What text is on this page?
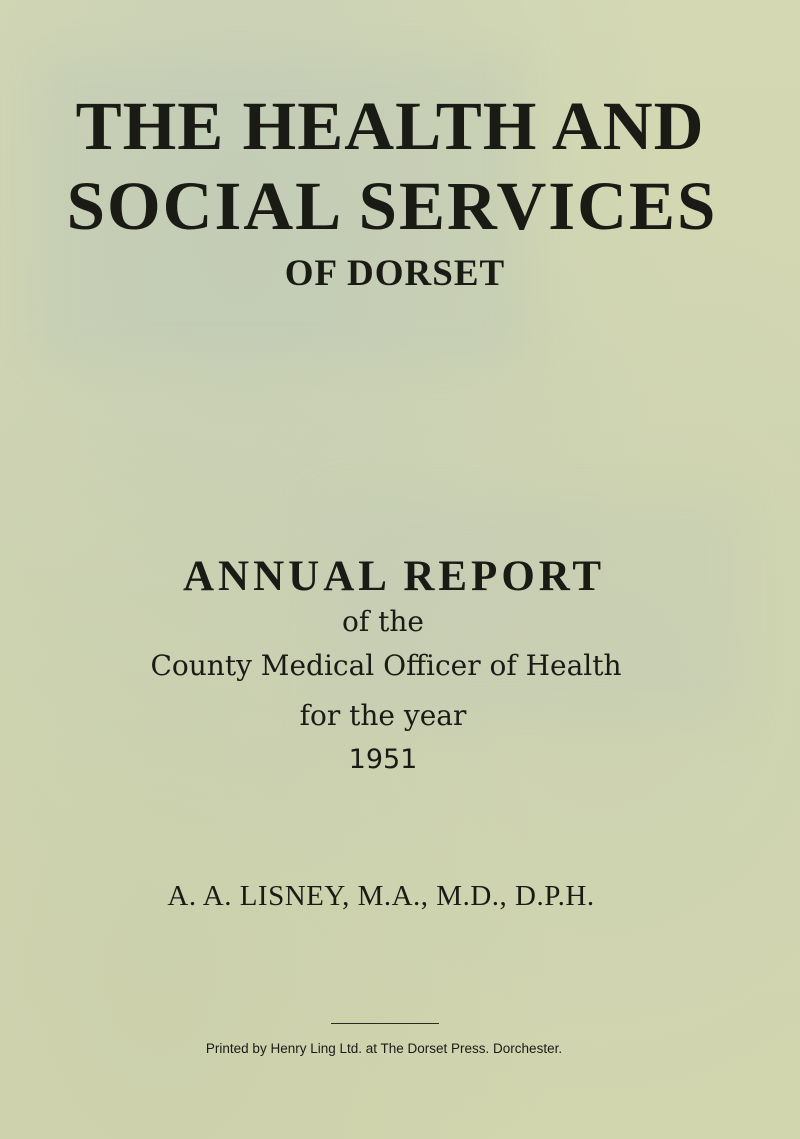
THE HEALTH AND
SOCIAL SERVICES
OF DORSET
ANNUAL REPORT

of the

County Medical Officer of Health

for the year

1951

A. A. LISNEY, M.A., M.D., D.P.H.

Printed by Henry Ling Ltd. at The Dorset Press. Dorchester.
